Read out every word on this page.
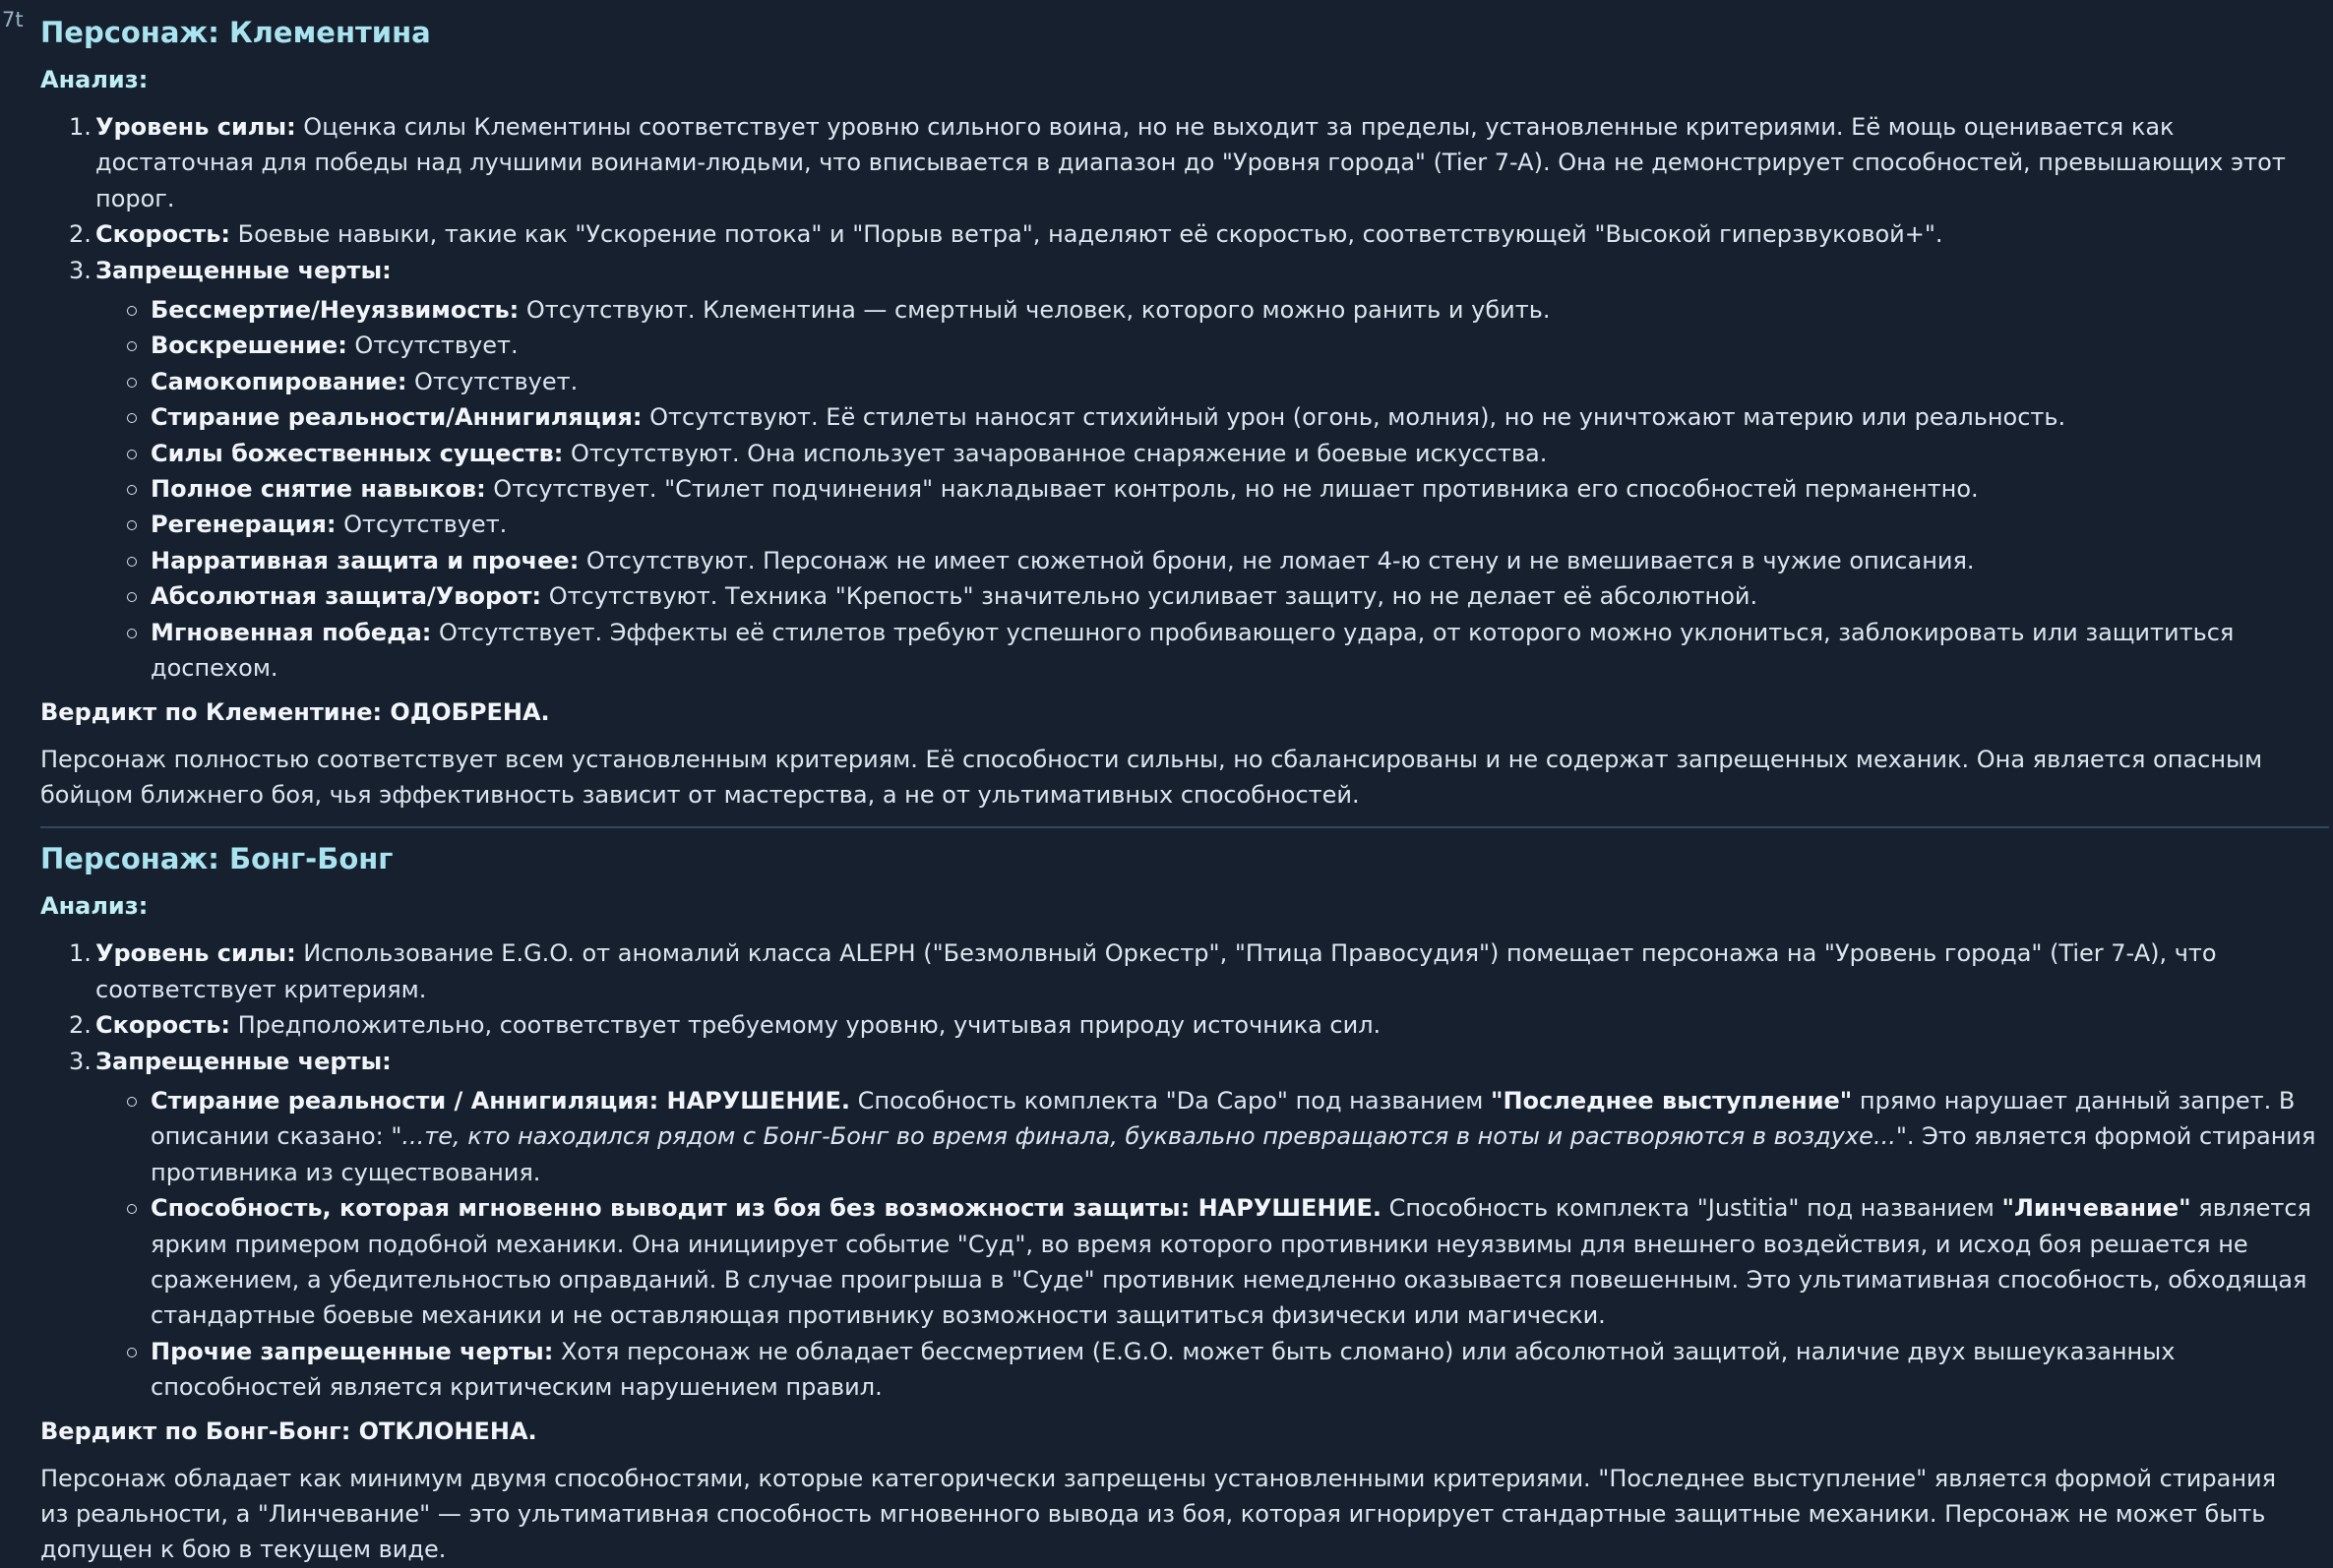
7t Персонаж: Клементина
Анализ:
1. Уровень силы: Оценка силы Клементины соответствует уровню сильного воина, но не выходит за пределы, установленные критериями. Её мощь оценивается как достаточная для победы над лучшими воинами-людьми, что вписывается в диапазон до "Уровня города" (Tier 7-A). Она не демонстрирует способностей, превышающих этот порог.
2. Скорость: Боевые навыки, такие как "Ускорение потока" и "Порыв ветра", наделяют её скоростью, соответствующей "Высокой гиперзвуковой+".
3. Запрещенные черты:
Бессмертие/Неуязвимость: Отсутствуют. Клементина — смертный человек, которого можно ранить и убить.
Воскрешение: Отсутствует.
Самокопирование: Отсутствует.
Стирание реальности/Аннигиляция: Отсутствуют. Её стилеты наносят стихийный урон (огонь, молния), но не уничтожают материю или реальность.
Силы божественных существ: Отсутствуют. Она использует зачарованное снаряжение и боевые искусства.
Полное снятие навыков: Отсутствует. "Стилет подчинения" накладывает контроль, но не лишает противника его способностей перманентно.
Регенерация: Отсутствует.
Нарративная защита и прочее: Отсутствуют. Персонаж не имеет сюжетной брони, не ломает 4-ю стену и не вмешивается в чужие описания.
Абсолютная защита/Уворот: Отсутствуют. Техника "Крепость" значительно усиливает защиту, но не делает её абсолютной.
Мгновенная победа: Отсутствует. Эффекты её стилетов требуют успешного пробивающего удара, от которого можно уклониться, заблокировать или защититься доспехом.
Вердикт по Клементине: ОДОБРЕНА.
Персонаж полностью соответствует всем установленным критериям. Её способности сильны, но сбалансированы и не содержат запрещенных механик. Она является опасным бойцом ближнего боя, чья эффективность зависит от мастерства, а не от ультимативных способностей.
Персонаж: Бонг-Бонг
Анализ:
1. Уровень силы: Использование E.G.O. от аномалий класса ALEPH ("Безмолвный Оркестр", "Птица Правосудия") помещает персонажа на "Уровень города" (Tier 7-A), что соответствует критериям.
2. Скорость: Предположительно, соответствует требуемому уровню, учитывая природу источника сил.
3. Запрещенные черты:
Стирание реальности / Аннигиляция: НАРУШЕНИЕ. Способность комплекта "Da Capo" под названием "Последнее выступление" прямо нарушает данный запрет. В описании сказано: "...те, кто находился рядом с Бонг-Бонг во время финала, буквально превращаются в ноты и растворяются в воздухе...". Это является формой стирания противника из существования.
Способность, которая мгновенно выводит из боя без возможности защиты: НАРУШЕНИЕ. Способность комплекта "Justitia" под названием "Линчевание" является ярким примером подобной механики. Она инициирует событие "Суд", во время которого противники неуязвимы для внешнего воздействия, и исход боя решается не сражением, а убедительностью оправданий. В случае проигрыша в "Суде" противник немедленно оказывается повешенным. Это ультимативная способность, обходящая стандартные боевые механики и не оставляющая противнику возможности защититься физически или магически.
Прочие запрещенные черты: Хотя персонаж не обладает бессмертием (E.G.O. может быть сломано) или абсолютной защитой, наличие двух вышеуказанных способностей является критическим нарушением правил.
Вердикт по Бонг-Бонг: ОТКЛОНЕНА.
Персонаж обладает как минимум двумя способностями, которые категорически запрещены установленными критериями. "Последнее выступление" является формой стирания из реальности, а "Линчевание" — это ультимативная способность мгновенного вывода из боя, которая игнорирует стандартные защитные механики. Персонаж не может быть допущен к бою в текущем виде.
